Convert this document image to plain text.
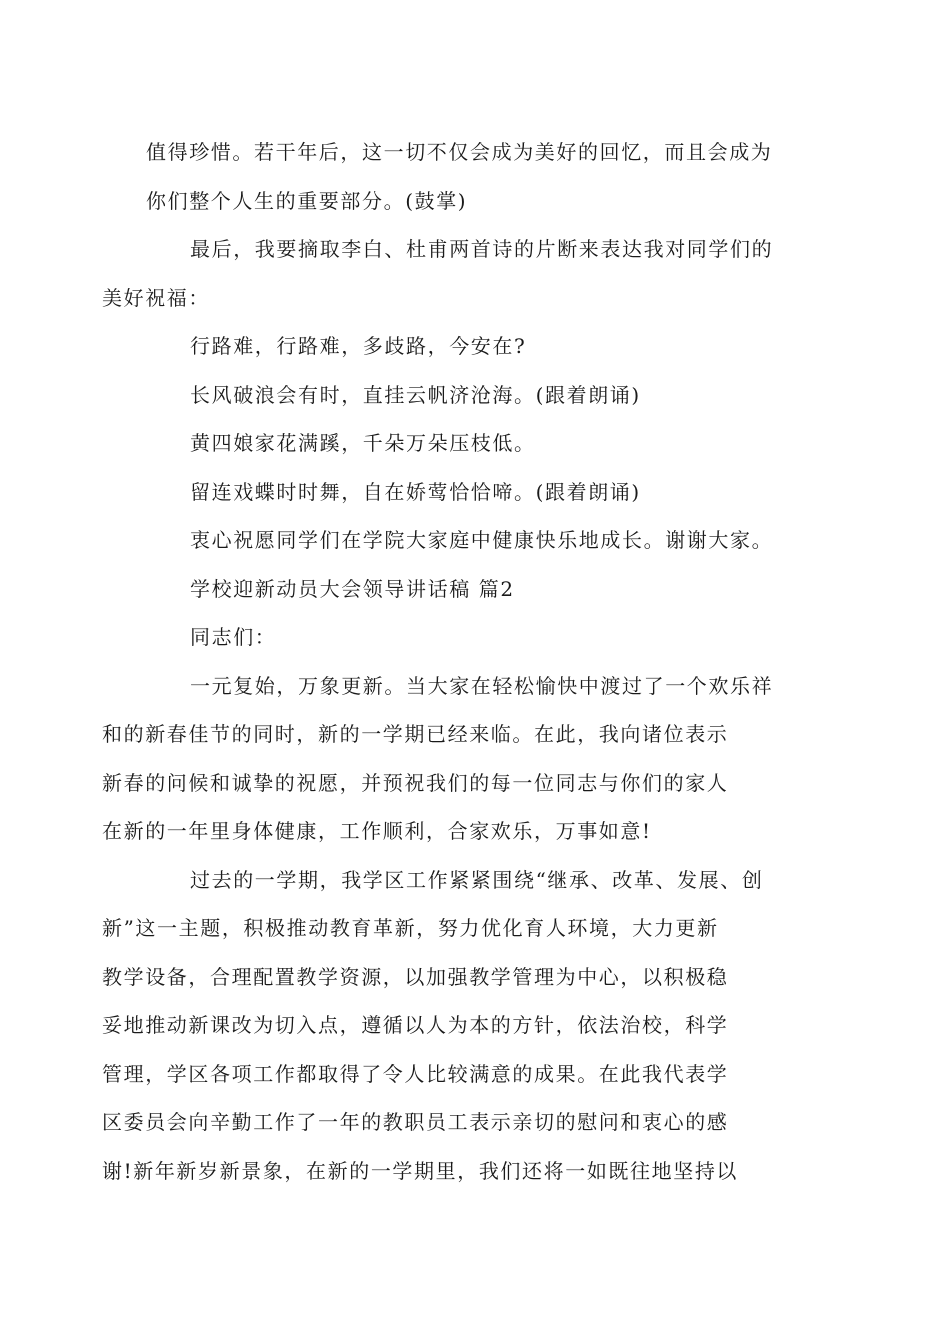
值得珍惜。若干年后，这一切不仅会成为美好的回忆，而且会成为
你们整个人生的重要部分。(鼓掌)
最后，我要摘取李白、杜甫两首诗的片断来表达我对同学们的
美好祝福：
行路难，行路难，多歧路，今安在?
长风破浪会有时，直挂云帆济沧海。(跟着朗诵)
黄四娘家花满蹊，千朵万朵压枝低。
留连戏蝶时时舞，自在娇莺恰恰啼。(跟着朗诵)
衷心祝愿同学们在学院大家庭中健康快乐地成长。谢谢大家。
学校迎新动员大会领导讲话稿 篇2
同志们：
一元复始，万象更新。当大家在轻松愉快中渡过了一个欢乐祥
和的新春佳节的同时，新的一学期已经来临。在此，我向诸位表示
新春的问候和诚挚的祝愿，并预祝我们的每一位同志与你们的家人
在新的一年里身体健康，工作顺利，合家欢乐，万事如意!
过去的一学期，我学区工作紧紧围绕“继承、改革、发展、创
新”这一主题，积极推动教育革新，努力优化育人环境，大力更新
教学设备，合理配置教学资源，以加强教学管理为中心，以积极稳
妥地推动新课改为切入点，遵循以人为本的方针，依法治校，科学
管理，学区各项工作都取得了令人比较满意的成果。在此我代表学
区委员会向辛勤工作了一年的教职员工表示亲切的慰问和衷心的感
谢!新年新岁新景象，在新的一学期里，我们还将一如既往地坚持以
